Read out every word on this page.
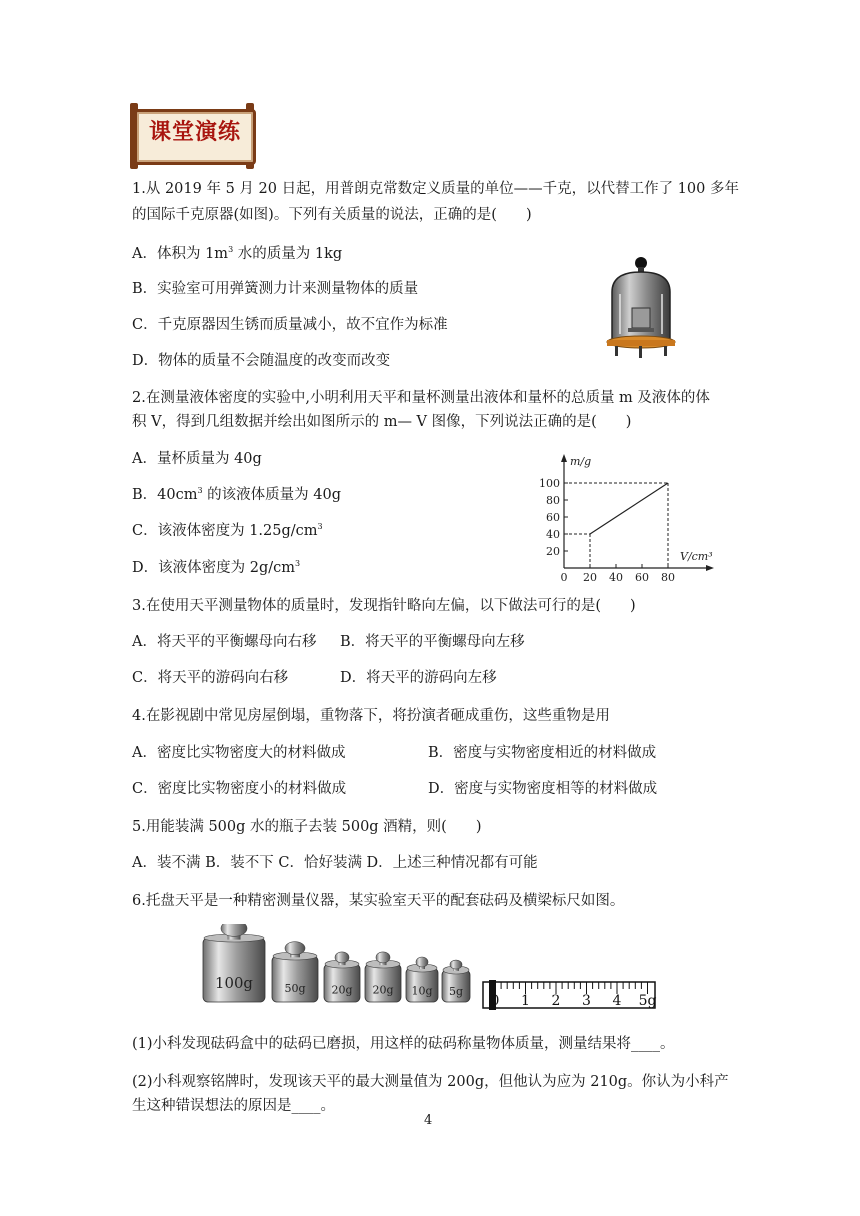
课堂演练
1.从 2019 年 5 月 20 日起，用普朗克常数定义质量的单位——千克，以代替工作了 100 多年
的国际千克原器(如图)。下列有关质量的说法，正确的是(　　)
A．体积为 $1m^3$ 水的质量为 1kg
B．实验室可用弹簧测力计来测量物体的质量
C．千克原器因生锈而质量减小，故不宜作为标准
D．物体的质量不会随温度的改变而改变
2.在测量液体密度的实验中,小明利用天平和量杯测量出液体和量杯的总质量 m 及液体的体
积 V，得到几组数据并绘出如图所示的 m— V 图像，下列说法正确的是(　　)
A．量杯质量为 40g
B．$40cm^3$ 的该液体质量为 40g
C．该液体密度为 $1.25g/cm^3$
D．该液体密度为 $2g/cm^3$
20
40
60
80
100
0 20 40 60 80
m/g
V/cm³
3.在使用天平测量物体的质量时，发现指针略向左偏，以下做法可行的是(　　)
A．将天平的平衡螺母向右移 B．将天平的平衡螺母向左移
C．将天平的游码向右移	D．将天平的游码向左移
4.在影视剧中常见房屋倒塌，重物落下，将扮演者砸成重伤，这些重物是用
A．密度比实物密度大的材料做成	B．密度与实物密度相近的材料做成
C．密度比实物密度小的材料做成	D．密度与实物密度相等的材料做成
5.用能装满 500g 水的瓶子去装 500g 酒精，则(　　)
A．装不满 B．装不下 C．恰好装满 D．上述三种情况都有可能
6.托盘天平是一种精密测量仪器，某实验室天平的配套砝码及横梁标尺如图。
100g	50g 20g 20g 10g 5g
0 1 2 3 4 5g
(1)小科发现砝码盒中的砝码已磨损，用这样的砝码称量物体质量，测量结果将____。
(2)小科观察铭牌时，发现该天平的最大测量值为 200g，但他认为应为 210g。你认为小科产
生这种错误想法的原因是____。
4
